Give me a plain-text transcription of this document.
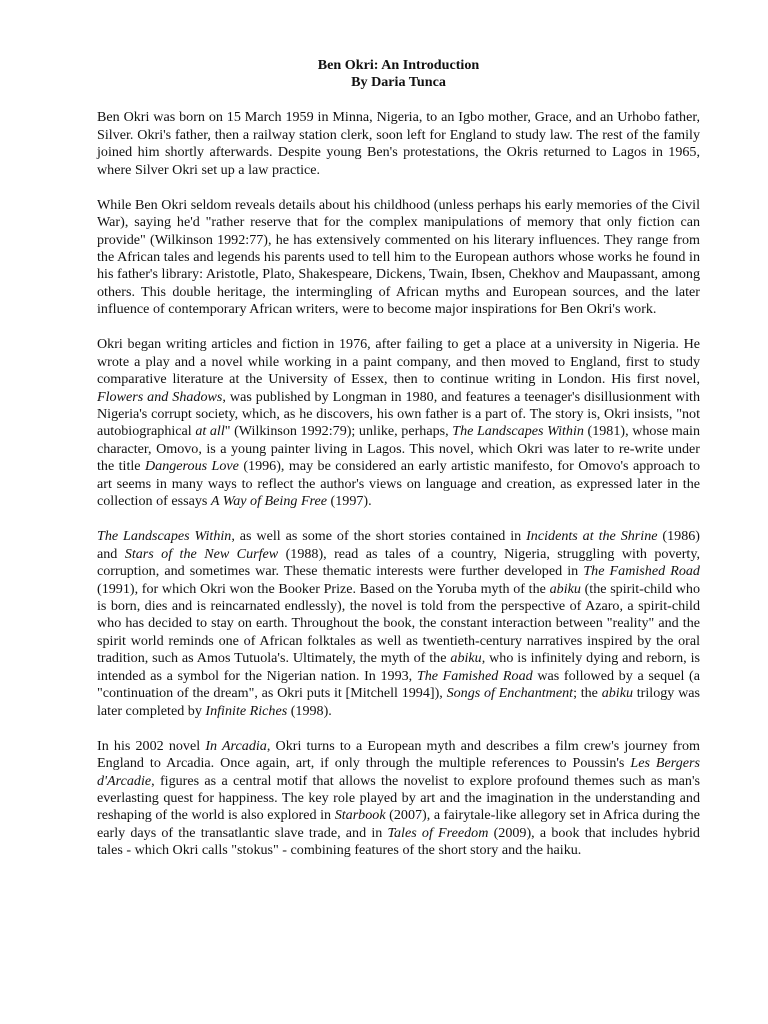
Ben Okri: An Introduction
By Daria Tunca

Ben Okri was born on 15 March 1959 in Minna, Nigeria, to an Igbo mother, Grace, and an Urhobo father, Silver. Okri's father, then a railway station clerk, soon left for England to study law. The rest of the family joined him shortly afterwards. Despite young Ben's protestations, the Okris returned to Lagos in 1965, where Silver Okri set up a law practice.

While Ben Okri seldom reveals details about his childhood (unless perhaps his early memories of the Civil War), saying he'd "rather reserve that for the complex manipulations of memory that only fiction can provide" (Wilkinson 1992:77), he has extensively commented on his literary influences. They range from the African tales and legends his parents used to tell him to the European authors whose works he found in his father's library: Aristotle, Plato, Shakespeare, Dickens, Twain, Ibsen, Chekhov and Maupassant, among others. This double heritage, the intermingling of African myths and European sources, and the later influence of contemporary African writers, were to become major inspirations for Ben Okri's work.

Okri began writing articles and fiction in 1976, after failing to get a place at a university in Nigeria. He wrote a play and a novel while working in a paint company, and then moved to England, first to study comparative literature at the University of Essex, then to continue writing in London. His first novel, Flowers and Shadows, was published by Longman in 1980, and features a teenager's disillusionment with Nigeria's corrupt society, which, as he discovers, his own father is a part of. The story is, Okri insists, "not autobiographical at all" (Wilkinson 1992:79); unlike, perhaps, The Landscapes Within (1981), whose main character, Omovo, is a young painter living in Lagos. This novel, which Okri was later to re-write under the title Dangerous Love (1996), may be considered an early artistic manifesto, for Omovo's approach to art seems in many ways to reflect the author's views on language and creation, as expressed later in the collection of essays A Way of Being Free (1997).

The Landscapes Within, as well as some of the short stories contained in Incidents at the Shrine (1986) and Stars of the New Curfew (1988), read as tales of a country, Nigeria, struggling with poverty, corruption, and sometimes war. These thematic interests were further developed in The Famished Road (1991), for which Okri won the Booker Prize. Based on the Yoruba myth of the abiku (the spirit-child who is born, dies and is reincarnated endlessly), the novel is told from the perspective of Azaro, a spirit-child who has decided to stay on earth. Throughout the book, the constant interaction between "reality" and the spirit world reminds one of African folktales as well as twentieth-century narratives inspired by the oral tradition, such as Amos Tutuola's. Ultimately, the myth of the abiku, who is infinitely dying and reborn, is intended as a symbol for the Nigerian nation. In 1993, The Famished Road was followed by a sequel (a "continuation of the dream", as Okri puts it [Mitchell 1994]), Songs of Enchantment; the abiku trilogy was later completed by Infinite Riches (1998).

In his 2002 novel In Arcadia, Okri turns to a European myth and describes a film crew's journey from England to Arcadia. Once again, art, if only through the multiple references to Poussin's Les Bergers d'Arcadie, figures as a central motif that allows the novelist to explore profound themes such as man's everlasting quest for happiness. The key role played by art and the imagination in the understanding and reshaping of the world is also explored in Starbook (2007), a fairytale-like allegory set in Africa during the early days of the transatlantic slave trade, and in Tales of Freedom (2009), a book that includes hybrid tales - which Okri calls "stokus" - combining features of the short story and the haiku.
